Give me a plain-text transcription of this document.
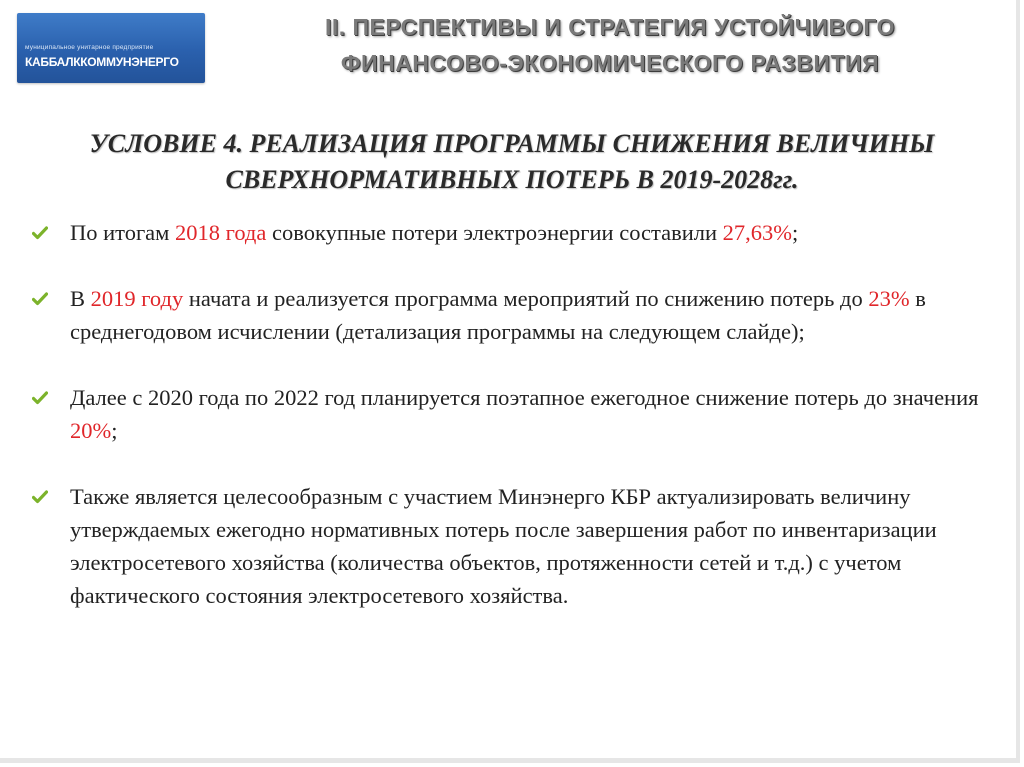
муниципальное унитарное предприятие
КАББАЛККОММУНЭНЕРГО
II. ПЕРСПЕКТИВЫ И СТРАТЕГИЯ УСТОЙЧИВОГО
ФИНАНСОВО-ЭКОНОМИЧЕСКОГО РАЗВИТИЯ
УСЛОВИЕ 4. РЕАЛИЗАЦИЯ ПРОГРАММЫ СНИЖЕНИЯ ВЕЛИЧИНЫ
СВЕРХНОРМАТИВНЫХ ПОТЕРЬ В 2019-2028гг.
По итогам 2018 года совокупные потери электроэнергии составили 27,63%;
В 2019 году начата и реализуется программа мероприятий по снижению потерь до 23% в среднегодовом исчислении (детализация программы на следующем слайде);
Далее с 2020 года по 2022 год планируется поэтапное ежегодное снижение потерь до значения 20%;
Также является целесообразным с участием Минэнерго КБР актуализировать величину утверждаемых ежегодно нормативных потерь после завершения работ по инвентаризации электросетевого хозяйства (количества объектов, протяженности сетей и т.д.) с учетом фактического состояния электросетевого хозяйства.
